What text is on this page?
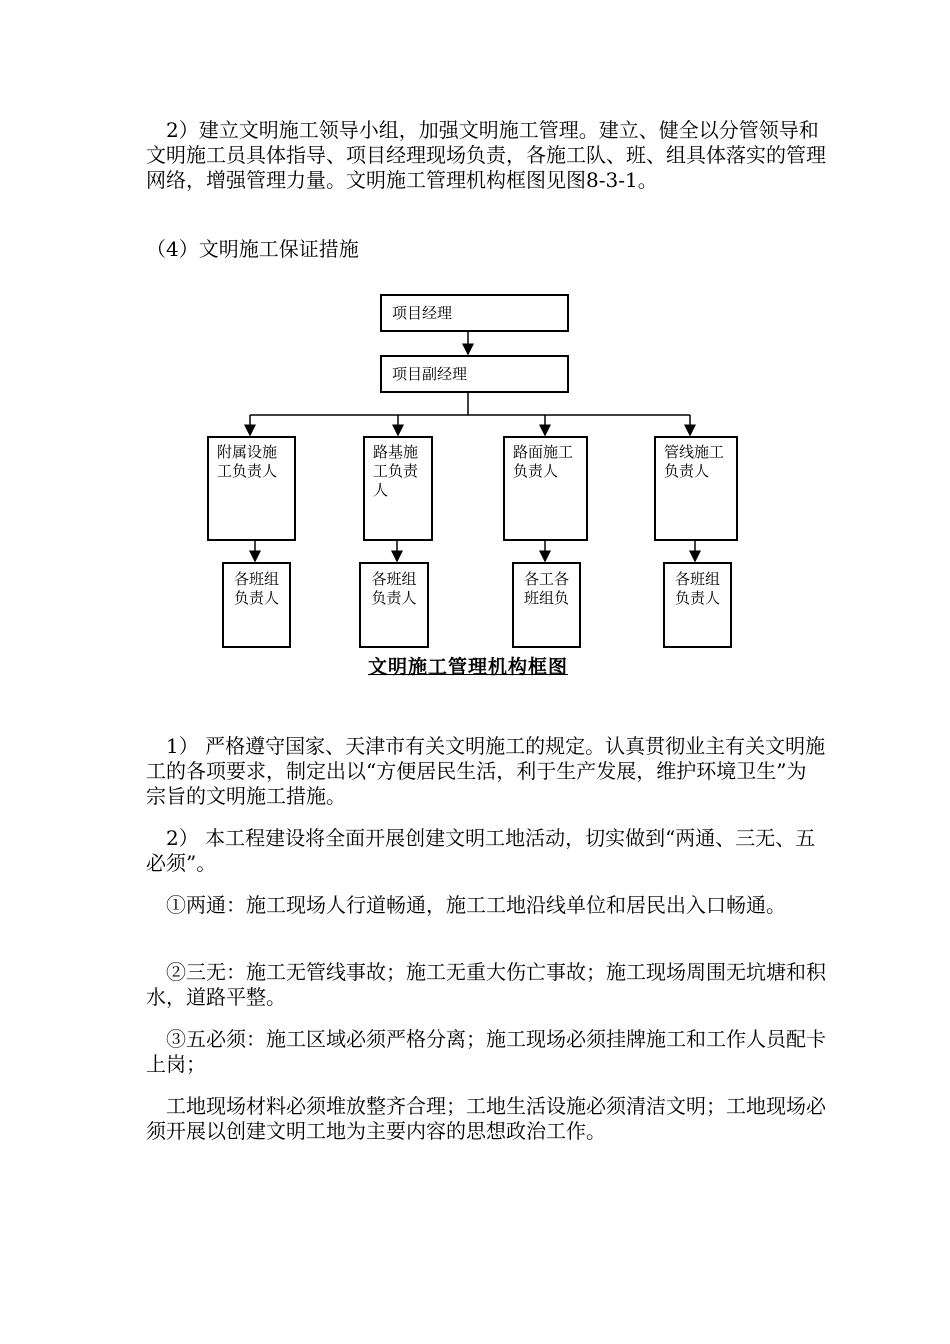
　2）建立文明施工领导小组，加强文明施工管理。建立、健全以分管领导和文明施工员具体指导、项目经理现场负责，各施工队、班、组具体落实的管理网络，增强管理力量。文明施工管理机构框图见图8-3-1。

（4）文明施工保证措施

项目经理
项目副经理
附属设施工负责人
路基施工负责人
路面施工负责人
管线施工负责人
各班组负责人
各班组负责人
各工各班组负
各班组负责人
文明施工管理机构框图

　1） 严格遵守国家、天津市有关文明施工的规定。认真贯彻业主有关文明施工的各项要求，制定出以“方便居民生活，利于生产发展，维护环境卫生”为宗旨的文明施工措施。

　2） 本工程建设将全面开展创建文明工地活动，切实做到“两通、三无、五必须”。

　①两通：施工现场人行道畅通，施工工地沿线单位和居民出入口畅通。

　②三无：施工无管线事故；施工无重大伤亡事故；施工现场周围无坑塘和积水，道路平整。

　③五必须：施工区域必须严格分离；施工现场必须挂牌施工和工作人员配卡上岗；

　工地现场材料必须堆放整齐合理；工地生活设施必须清洁文明；工地现场必须开展以创建文明工地为主要内容的思想政治工作。
